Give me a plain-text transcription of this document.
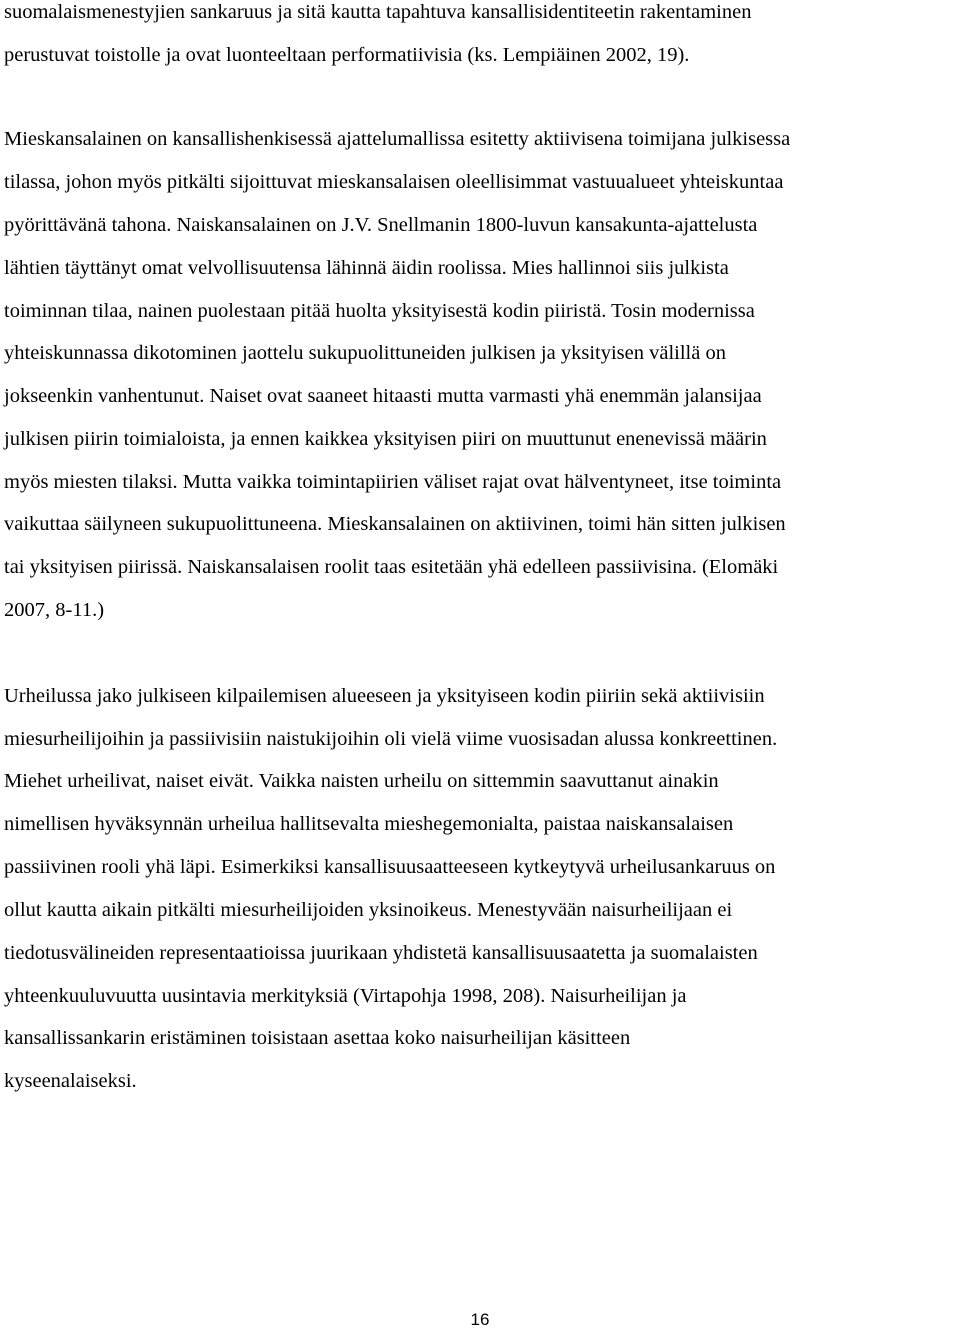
suomalaismenestyjien sankaruus ja sitä kautta tapahtuva kansallisidentiteetin rakentaminen

perustuvat toistolle ja ovat luonteeltaan performatiivisia (ks. Lempiäinen 2002, 19).

Mieskansalainen on kansallishenkisessä ajattelumallissa esitetty aktiivisena toimijana julkisessa

tilassa, johon myös pitkälti sijoittuvat mieskansalaisen oleellisimmat vastuualueet yhteiskuntaa

pyörittävänä tahona. Naiskansalainen on J.V. Snellmanin 1800-luvun kansakunta-ajattelusta

lähtien täyttänyt omat velvollisuutensa lähinnä äidin roolissa. Mies hallinnoi siis julkista

toiminnan tilaa, nainen puolestaan pitää huolta yksityisestä kodin piiristä. Tosin modernissa

yhteiskunnassa dikotominen jaottelu sukupuolittuneiden julkisen ja yksityisen välillä on

jokseenkin vanhentunut. Naiset ovat saaneet hitaasti mutta varmasti yhä enemmän jalansijaa

julkisen piirin toimialoista, ja ennen kaikkea yksityisen piiri on muuttunut enenevissä määrin

myös miesten tilaksi. Mutta vaikka toimintapiirien väliset rajat ovat hälventyneet, itse toiminta

vaikuttaa säilyneen sukupuolittuneena. Mieskansalainen on aktiivinen, toimi hän sitten julkisen

tai yksityisen piirissä. Naiskansalaisen roolit taas esitetään yhä edelleen passiivisina. (Elomäki

2007, 8-11.)

Urheilussa jako julkiseen kilpailemisen alueeseen ja yksityiseen kodin piiriin sekä aktiivisiin

miesurheilijoihin ja passiivisiin naistukijoihin oli vielä viime vuosisadan alussa konkreettinen.

Miehet urheilivat, naiset eivät. Vaikka naisten urheilu on sittemmin saavuttanut ainakin

nimellisen hyväksynnän urheilua hallitsevalta mieshegemonialta, paistaa naiskansalaisen

passiivinen rooli yhä läpi. Esimerkiksi kansallisuusaatteeseen kytkeytyvä urheilusankaruus on

ollut kautta aikain pitkälti miesurheilijoiden yksinoikeus. Menestyvään naisurheilijaan ei

tiedotusvälineiden representaatioissa juurikaan yhdistetä kansallisuusaatetta ja suomalaisten

yhteenkuuluvuutta uusintavia merkityksiä (Virtapohja 1998, 208). Naisurheilijan ja

kansallissankarin eristäminen toisistaan asettaa koko naisurheilijan käsitteen

kyseenalaiseksi.

16
